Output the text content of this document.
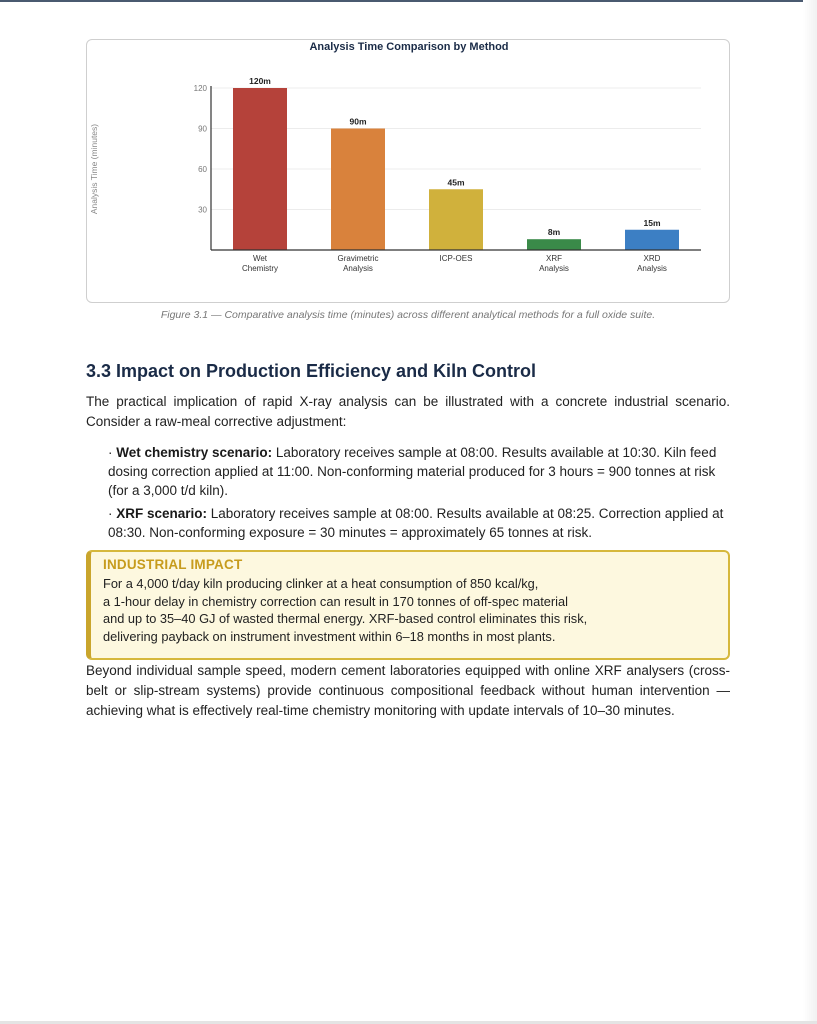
Analysis Time Comparison by Method
30
60
90
120
Analysis Time (minutes)
120m
Wet
Chemistry
90m
Gravimetric
Analysis
45m
ICP-OES
8m
XRF
Analysis
15m
XRD
Analysis
Figure 3.1 — Comparative analysis time (minutes) across different analytical methods for a full oxide suite.
3.3 Impact on Production Efficiency and Kiln Control

The practical implication of rapid X-ray analysis can be illustrated with a concrete industrial scenario. Consider a raw-meal corrective adjustment:

· Wet chemistry scenario: Laboratory receives sample at 08:00. Results available at 10:30. Kiln feed dosing correction applied at 11:00. Non-conforming material produced for 3 hours = 900 tonnes at risk (for a 3,000 t/d kiln).

· XRF scenario: Laboratory receives sample at 08:00. Results available at 08:25. Correction applied at 08:30. Non-conforming exposure = 30 minutes = approximately 65 tonnes at risk.

INDUSTRIAL IMPACT

For a 4,000 t/day kiln producing clinker at a heat consumption of 850 kcal/kg,
a 1-hour delay in chemistry correction can result in 170 tonnes of off-spec material
and up to 35–40 GJ of wasted thermal energy. XRF-based control eliminates this risk,
delivering payback on instrument investment within 6–18 months in most plants.

Beyond individual sample speed, modern cement laboratories equipped with online XRF analysers (cross-belt or slip-stream systems) provide continuous compositional feedback without human intervention — achieving what is effectively real-time chemistry monitoring with update intervals of 10–30 minutes.
